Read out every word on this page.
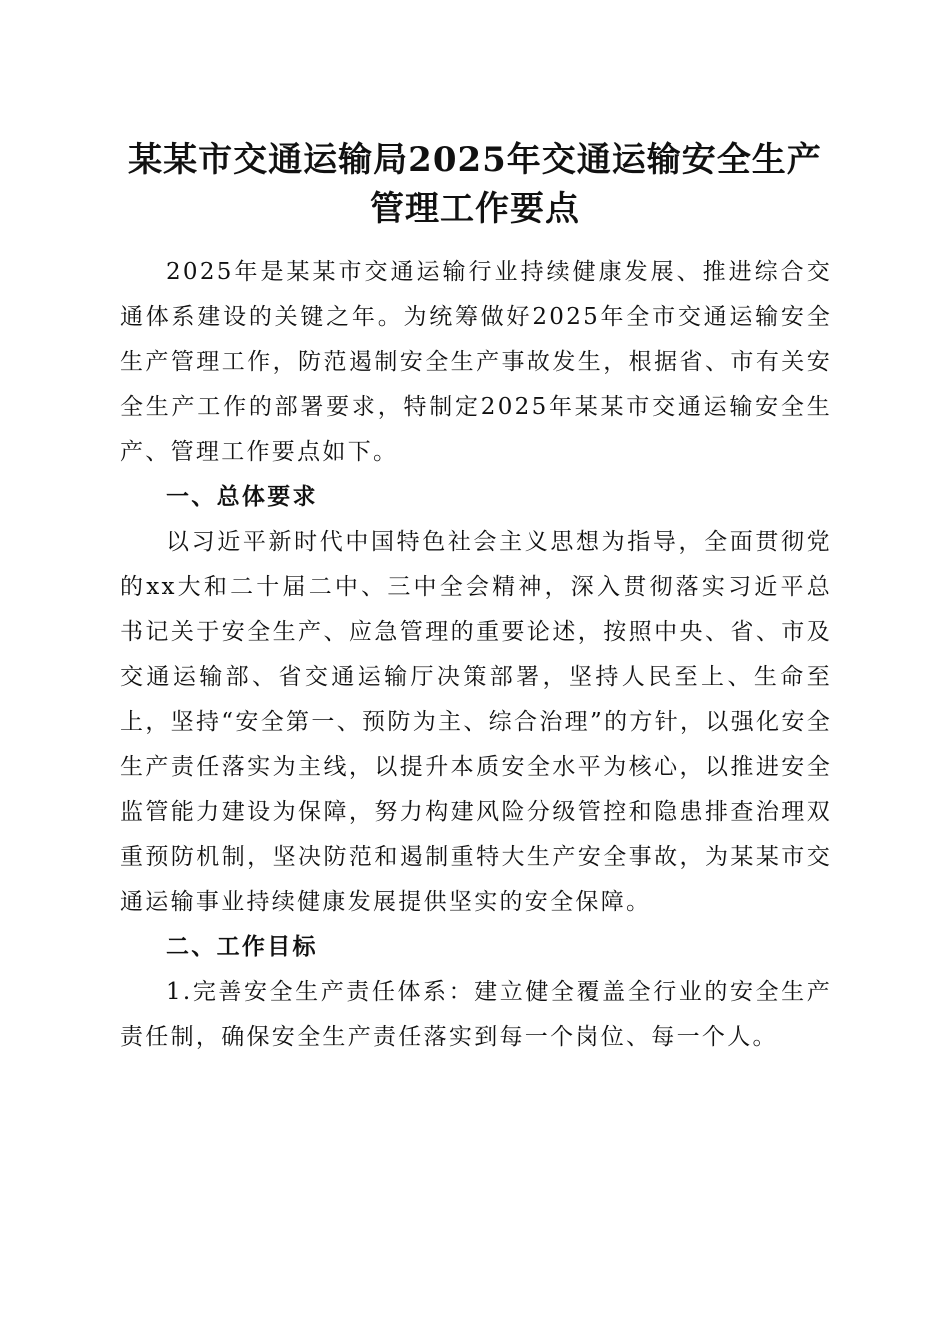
某某市交通运输局2025年交通运输安全生产
管理工作要点

2025年是某某市交通运输行业持续健康发展、推进综合交通体系建设的关键之年。为统筹做好2025年全市交通运输安全生产管理工作，防范遏制安全生产事故发生，根据省、市有关安全生产工作的部署要求，特制定2025年某某市交通运输安全生产、管理工作要点如下。

一、总体要求

以习近平新时代中国特色社会主义思想为指导，全面贯彻党的xx大和二十届二中、三中全会精神，深入贯彻落实习近平总书记关于安全生产、应急管理的重要论述，按照中央、省、市及交通运输部、省交通运输厅决策部署，坚持人民至上、生命至上，坚持“安全第一、预防为主、综合治理”的方针，以强化安全生产责任落实为主线，以提升本质安全水平为核心，以推进安全监管能力建设为保障，努力构建风险分级管控和隐患排查治理双重预防机制，坚决防范和遏制重特大生产安全事故，为某某市交通运输事业持续健康发展提供坚实的安全保障。

二、工作目标

1.完善安全生产责任体系：建立健全覆盖全行业的安全生产责任制，确保安全生产责任落实到每一个岗位、每一个人。
